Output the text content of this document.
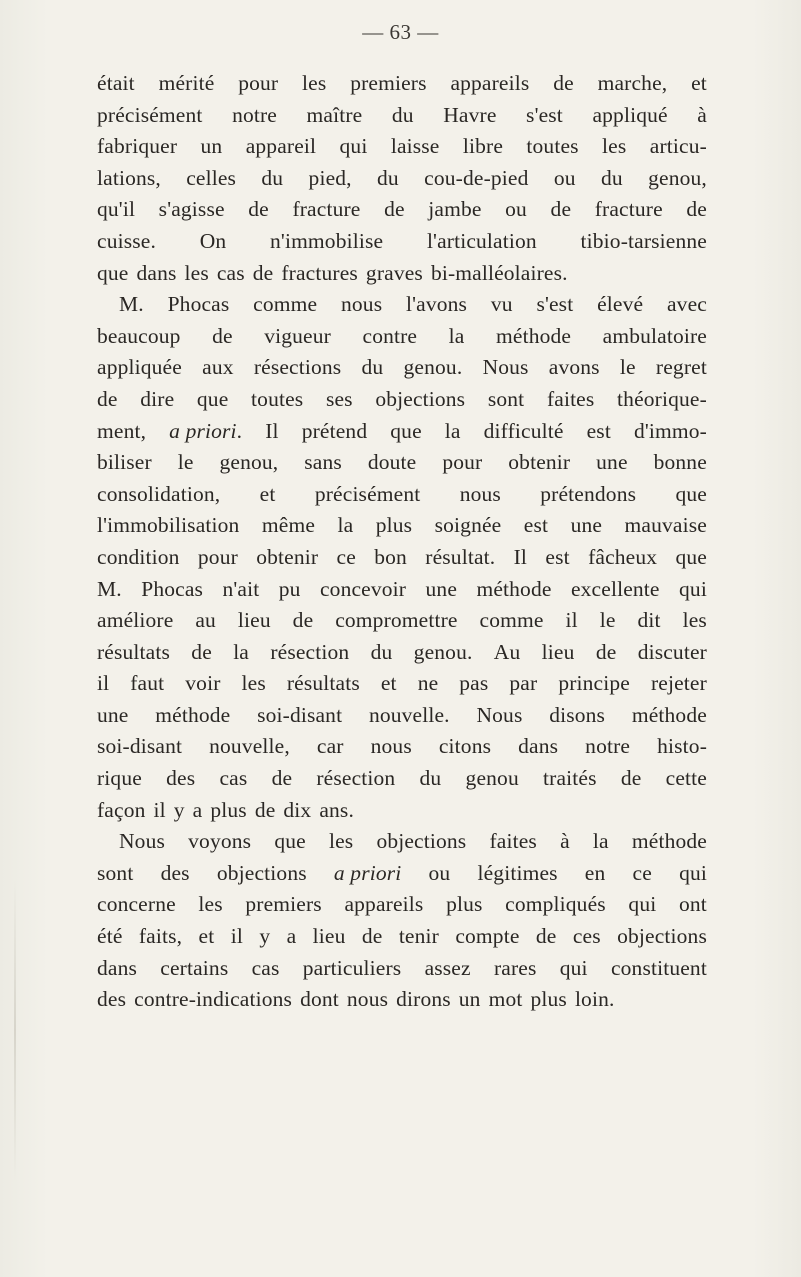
— 63 —
était mérité pour les premiers appareils de marche, et
précisément notre maître du Havre s'est appliqué à
fabriquer un appareil qui laisse libre toutes les articu-
lations, celles du pied, du cou-de-pied ou du genou,
qu'il s'agisse de fracture de jambe ou de fracture de
cuisse. On n'immobilise l'articulation tibio-tarsienne
que dans les cas de fractures graves bi-malléolaires.
M. Phocas comme nous l'avons vu s'est élevé avec
beaucoup de vigueur contre la méthode ambulatoire
appliquée aux résections du genou. Nous avons le regret
de dire que toutes ses objections sont faites théorique-
ment, a priori. Il prétend que la difficulté est d'immo-
biliser le genou, sans doute pour obtenir une bonne
consolidation, et précisément nous prétendons que
l'immobilisation même la plus soignée est une mauvaise
condition pour obtenir ce bon résultat. Il est fâcheux que
M. Phocas n'ait pu concevoir une méthode excellente qui
améliore au lieu de compromettre comme il le dit les
résultats de la résection du genou. Au lieu de discuter
il faut voir les résultats et ne pas par principe rejeter
une méthode soi-disant nouvelle. Nous disons méthode
soi-disant nouvelle, car nous citons dans notre histo-
rique des cas de résection du genou traités de cette
façon il y a plus de dix ans.
Nous voyons que les objections faites à la méthode
sont des objections a priori ou légitimes en ce qui
concerne les premiers appareils plus compliqués qui ont
été faits, et il y a lieu de tenir compte de ces objections
dans certains cas particuliers assez rares qui constituent
des contre-indications dont nous dirons un mot plus loin.
